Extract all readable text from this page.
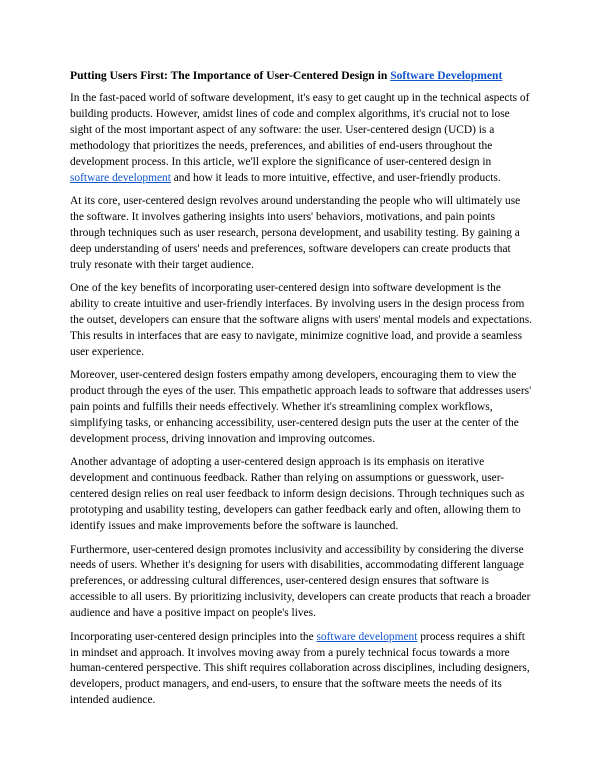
Putting Users First: The Importance of User-Centered Design in Software Development

In the fast-paced world of software development, it's easy to get caught up in the technical aspects of building products. However, amidst lines of code and complex algorithms, it's crucial not to lose sight of the most important aspect of any software: the user. User-centered design (UCD) is a methodology that prioritizes the needs, preferences, and abilities of end-users throughout the development process. In this article, we'll explore the significance of user-centered design in software development and how it leads to more intuitive, effective, and user-friendly products.

At its core, user-centered design revolves around understanding the people who will ultimately use the software. It involves gathering insights into users' behaviors, motivations, and pain points through techniques such as user research, persona development, and usability testing. By gaining a deep understanding of users' needs and preferences, software developers can create products that truly resonate with their target audience.

One of the key benefits of incorporating user-centered design into software development is the ability to create intuitive and user-friendly interfaces. By involving users in the design process from the outset, developers can ensure that the software aligns with users' mental models and expectations. This results in interfaces that are easy to navigate, minimize cognitive load, and provide a seamless user experience.

Moreover, user-centered design fosters empathy among developers, encouraging them to view the product through the eyes of the user. This empathetic approach leads to software that addresses users' pain points and fulfills their needs effectively. Whether it's streamlining complex workflows, simplifying tasks, or enhancing accessibility, user-centered design puts the user at the center of the development process, driving innovation and improving outcomes.

Another advantage of adopting a user-centered design approach is its emphasis on iterative development and continuous feedback. Rather than relying on assumptions or guesswork, user-centered design relies on real user feedback to inform design decisions. Through techniques such as prototyping and usability testing, developers can gather feedback early and often, allowing them to identify issues and make improvements before the software is launched.

Furthermore, user-centered design promotes inclusivity and accessibility by considering the diverse needs of users. Whether it's designing for users with disabilities, accommodating different language preferences, or addressing cultural differences, user-centered design ensures that software is accessible to all users. By prioritizing inclusivity, developers can create products that reach a broader audience and have a positive impact on people's lives.

Incorporating user-centered design principles into the software development process requires a shift in mindset and approach. It involves moving away from a purely technical focus towards a more human-centered perspective. This shift requires collaboration across disciplines, including designers, developers, product managers, and end-users, to ensure that the software meets the needs of its intended audience.
